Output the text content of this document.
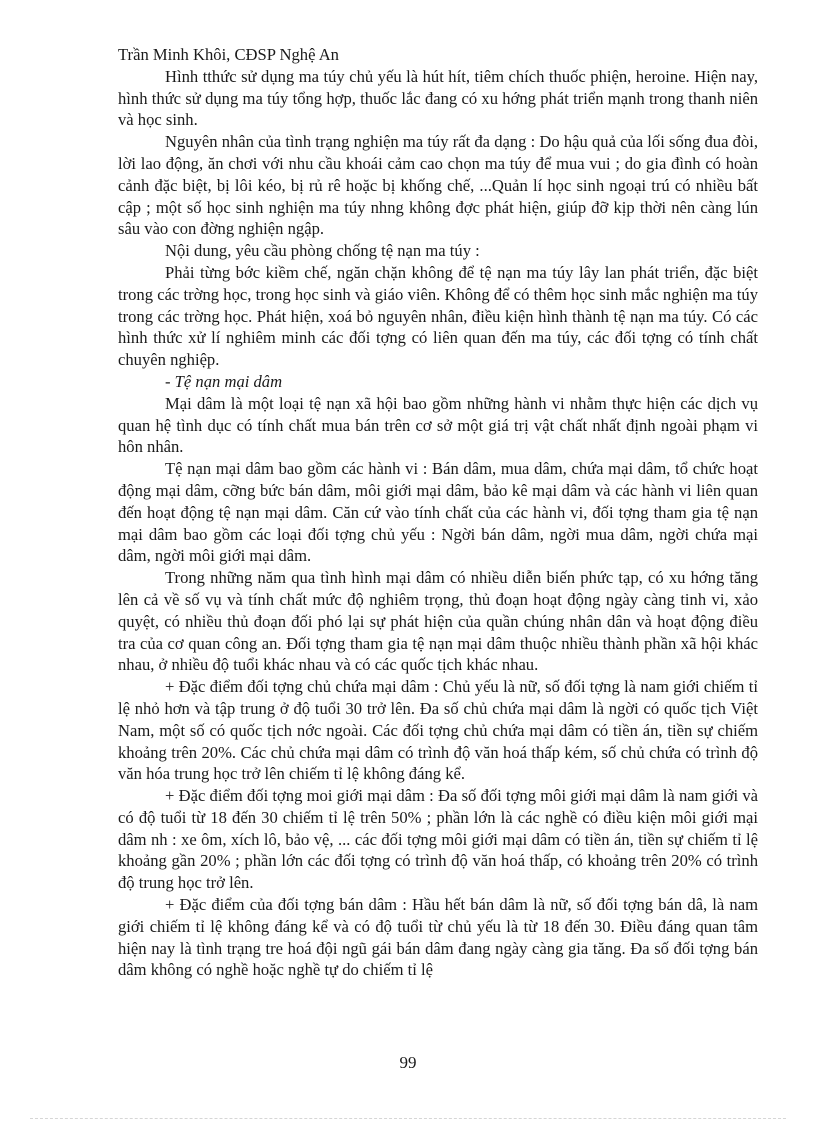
Trần Minh Khôi, CĐSP Nghệ An

Hình tthức sử dụng ma túy chủ yếu là hút hít, tiêm chích thuốc phiện, heroine. Hiện nay, hình thức sử dụng ma túy tổng hợp, thuốc lắc đang có xu hớng phát triển mạnh trong thanh niên và học sinh.

Nguyên nhân của tình trạng nghiện ma túy rất đa dạng : Do hậu quả của lối sống đua đòi, lời lao động, ăn chơi với nhu cầu khoái cảm cao chọn ma túy để mua vui ; do gia đình có hoàn cảnh đặc biệt, bị lôi kéo, bị rủ rê hoặc bị khống chế, ...Quản lí học sinh ngoại trú có nhiều bất cập ; một số học sinh nghiện ma túy nhng không đợc phát hiện, giúp đỡ kịp thời nên càng lún sâu vào con đờng nghiện ngập.

Nội dung, yêu cầu phòng chống tệ nạn ma túy :

Phải từng bớc kiềm chế, ngăn chặn không để tệ nạn ma túy lây lan phát triển, đặc biệt trong các trờng học, trong học sinh và giáo viên. Không để có thêm học sinh mắc nghiện ma túy trong các trờng học. Phát hiện, xoá bỏ nguyên nhân, điều kiện hình thành tệ nạn ma túy. Có các hình thức xử lí nghiêm minh các đối tợng có liên quan đến ma túy, các đối tợng có tính chất chuyên nghiệp.

- Tệ nạn mại dâm

Mại dâm là một loại tệ nạn xã hội bao gồm những hành vi nhằm thực hiện các dịch vụ quan hệ tình dục có tính chất mua bán trên cơ sở một giá trị vật chất nhất định ngoài phạm vi hôn nhân.

Tệ nạn mại dâm bao gồm các hành vi : Bán dâm, mua dâm, chứa mại dâm, tổ chức hoạt động mại dâm, cỡng bức bán dâm, môi giới mại dâm, bảo kê mại dâm và các hành vi liên quan đến hoạt động tệ nạn mại dâm. Căn cứ vào tính chất của các hành vi, đối tợng tham gia tệ nạn mại dâm bao gồm các loại đối tợng chủ yếu : Ngời bán dâm, ngời mua dâm, ngời chứa mại dâm, ngời môi giới mại dâm.

Trong những năm qua tình hình mại dâm có nhiều diễn biến phức tạp, có xu hớng tăng lên cả về số vụ và tính chất mức độ nghiêm trọng, thủ đoạn hoạt động ngày càng tinh vi, xảo quyệt, có nhiều thủ đoạn đối phó lại sự phát hiện của quần chúng nhân dân và hoạt động điều tra của cơ quan công an. Đối tợng tham gia tệ nạn mại dâm thuộc nhiều thành phần xã hội khác nhau, ở nhiều độ tuổi khác nhau và có các quốc tịch khác nhau.

+ Đặc điểm đối tợng chủ chứa mại dâm : Chủ yếu là nữ, số đối tợng là nam giới chiếm tỉ lệ nhỏ hơn và tập trung ở độ tuổi 30 trở lên. Đa số chủ chứa mại dâm là ngời có quốc tịch Việt Nam, một số có quốc tịch nớc ngoài. Các đối tợng chủ chứa mại dâm có tiền án, tiền sự chiếm khoảng trên 20%. Các chủ chứa mại dâm có trình độ văn hoá thấp kém, số chủ chứa có trình độ văn hóa trung học trở lên chiếm tỉ lệ không đáng kể.

+ Đặc điểm đối tợng moi giới mại dâm : Đa số đối tợng môi giới mại dâm là nam giới và có độ tuổi từ 18 đến 30 chiếm tỉ lệ trên 50% ; phần lớn là các nghề có điều kiện môi giới mại dâm nh : xe ôm, xích lô, bảo vệ, ... các đối tợng môi giới mại dâm có tiền án, tiền sự chiếm tỉ lệ khoảng gần 20% ; phần lớn các đối tợng có trình độ văn hoá thấp, có khoảng trên 20% có trình độ trung học trở lên.

+ Đặc điểm của đối tợng bán dâm : Hầu hết bán dâm là nữ, số đối tợng bán dâ, là nam giới chiếm tỉ lệ không đáng kể và có độ tuổi từ chủ yếu là từ 18 đến 30. Điều đáng quan tâm hiện nay là tình trạng tre hoá đội ngũ gái bán dâm đang ngày càng gia tăng. Đa số đối tợng bán dâm không có nghề hoặc nghề tự do chiếm tỉ lệ

99
